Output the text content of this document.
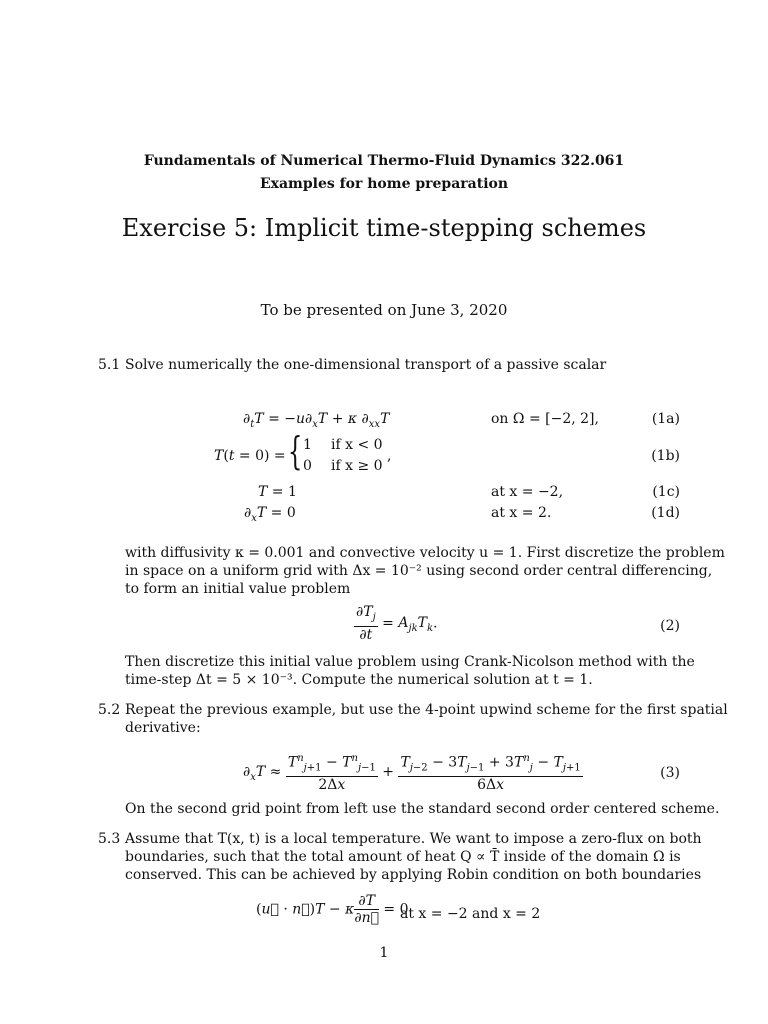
Fundamentals of Numerical Thermo-Fluid Dynamics 322.061
Examples for home preparation
Exercise 5: Implicit time-stepping schemes
To be presented on June 3, 2020
5.1 Solve numerically the one-dimensional transport of a passive scalar
$\partial_tT = -u\partial_xT + \kappa$ $\partial_{xx}T$	on Ω = [−2, 2],	(1a)
T(t = 0) = { 1 if x < 0
0 if x ≥ 0
,	(1b)
T = 1	at x = −2,	(1c)
$\partial_xT = 0$	at x = 2.	(1d)
with diffusivity κ = 0.001 and convective velocity u = 1. First discretize the problem
in space on a uniform grid with Δx = 10⁻² using second order central differencing,
to form an initial value problem
$\frac{\partial T_j}{\partial t} = A_{jk}T_k$.	(2)
Then discretize this initial value problem using Crank-Nicolson method with the
time-step Δt = 5 × 10⁻³. Compute the numerical solution at t = 1.
5.2 Repeat the previous example, but use the 4-point upwind scheme for the first spatial
derivative:
$\partial_xT \approx \frac{T^n_{j+1} - T^n_{j-1}}{2\Delta x} + \frac{T_{j-2} - 3T_{j-1} + 3T^n_j - T_{j+1}}{6\Delta x}$	(3)
On the second grid point from left use the standard second order centered scheme.
5.3 Assume that T(x, t) is a local temperature. We want to impose a zero-flux on both
boundaries, such that the total amount of heat Q ∝ T̄ inside of the domain Ω is
conserved. This can be achieved by applying Robin condition on both boundaries
(u⃗ · n⃗)T − κ $\frac{\partial T}{\partial n⃗} = 0$
at x = −2 and x = 2
1
